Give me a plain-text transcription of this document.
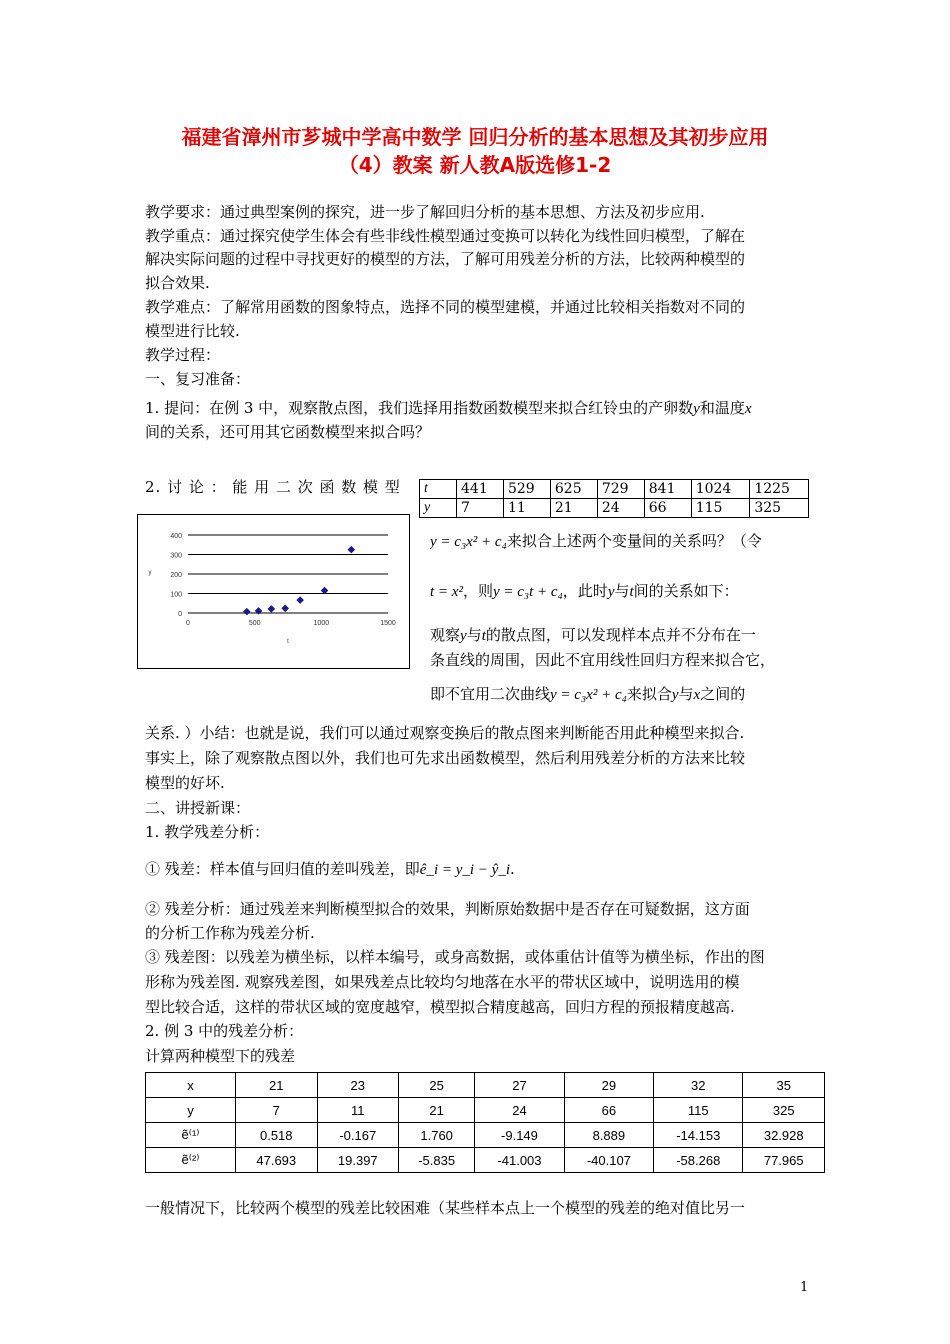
福建省漳州市芗城中学高中数学 回归分析的基本思想及其初步应用
（4）教案 新人教A版选修1-2
教学要求：通过典型案例的探究，进一步了解回归分析的基本思想、方法及初步应用.
教学重点：通过探究使学生体会有些非线性模型通过变换可以转化为线性回归模型，了解在
解决实际问题的过程中寻找更好的模型的方法，了解可用残差分析的方法，比较两种模型的
拟合效果.
教学难点：了解常用函数的图象特点，选择不同的模型建模，并通过比较相关指数对不同的
模型进行比较.
教学过程：
一、复习准备：
1. 提问：在例 3 中，观察散点图，我们选择用指数函数模型来拟合红铃虫的产卵数y和温度x
间的关系，还可用其它函数模型来拟合吗？
2. 讨 论 ： 能 用 二 次 函 数 模 型	t	441	529	625	729	841	1024	1225
y	7	11	21	24	66	115	325
0
100
200
300
400
0	500	1000	1500
t
y
y = c₃x² + c₄来拟合上述两个变量间的关系吗？（令
t = x²，则y = c₃t + c₄，此时y与t间的关系如下：
观察y与t的散点图，可以发现样本点并不分布在一
条直线的周围，因此不宜用线性回归方程来拟合它，
即不宜用二次曲线y = c₃x² + c₄来拟合y与x之间的
关系. ）小结：也就是说，我们可以通过观察变换后的散点图来判断能否用此种模型来拟合.
事实上，除了观察散点图以外，我们也可先求出函数模型，然后利用残差分析的方法来比较
模型的好坏.
二、讲授新课：
1. 教学残差分析：
① 残差：样本值与回归值的差叫残差，即ê_i = y_i − ŷ_i.
② 残差分析：通过残差来判断模型拟合的效果，判断原始数据中是否存在可疑数据，这方面
的分析工作称为残差分析.
③ 残差图：以残差为横坐标，以样本编号，或身高数据，或体重估计值等为横坐标，作出的图
形称为残差图. 观察残差图，如果残差点比较均匀地落在水平的带状区域中，说明选用的模
型比较合适，这样的带状区域的宽度越窄，模型拟合精度越高，回归方程的预报精度越高.
2. 例 3 中的残差分析：
计算两种模型下的残差
x	21	23	25	27	29	32	35
y	7	11	21	24	66	115	325
ẽ⁽¹⁾	0.518	-0.167	1.760	-9.149	8.889	-14.153	32.928
ẽ⁽²⁾	47.693	19.397	-5.835	-41.003	-40.107	-58.268	77.965
一般情况下，比较两个模型的残差比较困难（某些样本点上一个模型的残差的绝对值比另一
1
